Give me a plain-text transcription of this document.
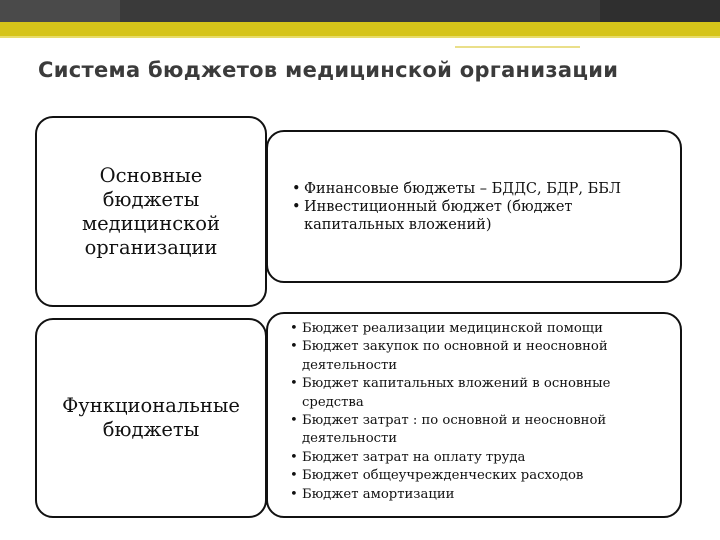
Система бюджетов медицинской организации
Основные
бюджеты
медицинской
организации
• Финансовые бюджеты – БДДС, БДР, ББЛ
• Инвестиционный бюджет (бюджет капитальных вложений)
Функциональные
бюджеты
• Бюджет реализации медицинской помощи
• Бюджет закупок по основной и неосновной деятельности
• Бюджет капитальных вложений в основные средства
• Бюджет затрат : по основной и неосновной деятельности
• Бюджет затрат на оплату труда
• Бюджет общеучрежденческих расходов
• Бюджет амортизации
